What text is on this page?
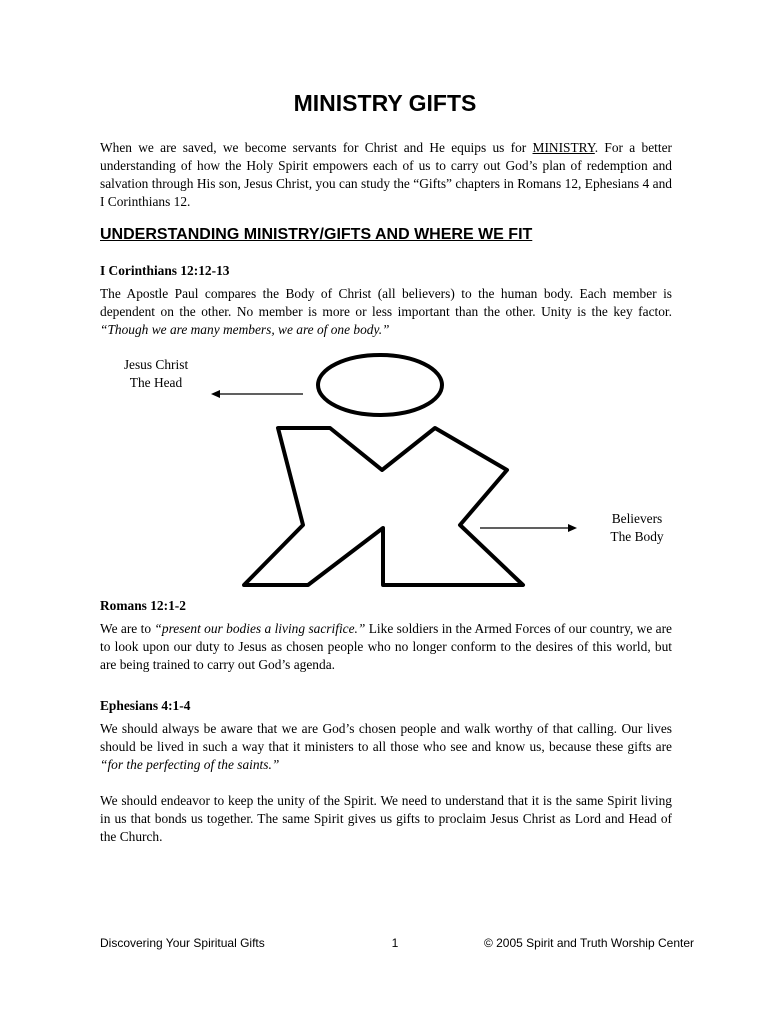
MINISTRY GIFTS

When we are saved, we become servants for Christ and He equips us for MINISTRY. For a better understanding of how the Holy Spirit empowers each of us to carry out God’s plan of redemption and salvation through His son, Jesus Christ, you can study the “Gifts” chapters in Romans 12, Ephesians 4 and I Corinthians 12.

UNDERSTANDING MINISTRY/GIFTS AND WHERE WE FIT

I Corinthians 12:12-13

The Apostle Paul compares the Body of Christ (all believers) to the human body. Each member is dependent on the other. No member is more or less important than the other. Unity is the key factor. “Though we are many members, we are of one body.”

Jesus Christ
The Head
Believers
The Body

Romans 12:1-2

We are to “present our bodies a living sacrifice.” Like soldiers in the Armed Forces of our country, we are to look upon our duty to Jesus as chosen people who no longer conform to the desires of this world, but are being trained to carry out God’s agenda.

Ephesians 4:1-4

We should always be aware that we are God’s chosen people and walk worthy of that calling. Our lives should be lived in such a way that it ministers to all those who see and know us, because these gifts are “for the perfecting of the saints.”

We should endeavor to keep the unity of the Spirit. We need to understand that it is the same Spirit living in us that bonds us together. The same Spirit gives us gifts to proclaim Jesus Christ as Lord and Head of the Church.

Discovering Your Spiritual Gifts	1	© 2005 Spirit and Truth Worship Center
